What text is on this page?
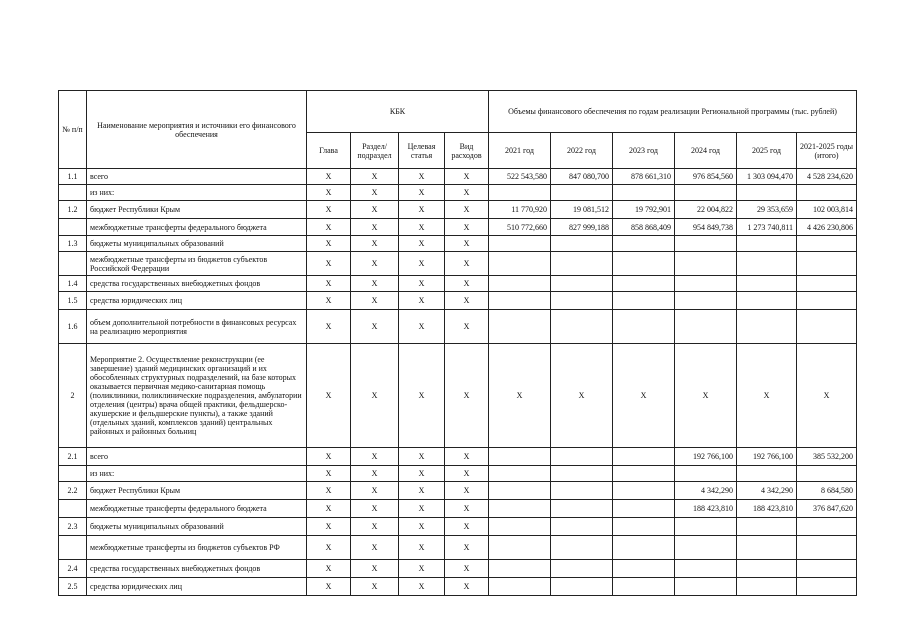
№ п/п	Наименование мероприятия и источники его финансового обеспечения	КБК				Объемы финансового обеспечения по годам реализации Региональной программы (тыс. рублей)					
		Глава	Раздел/ подраздел	Целевая статья	Вид расходов	2021 год	2022 год	2023 год	2024 год	2025 год	2021-2025 годы (итого)
1.1	всего	Х	Х	Х	Х	522 543,580	847 080,700	878 661,310	976 854,560	1 303 094,470	4 528 234,620
	из них:	Х	Х	Х	Х						
1.2	бюджет Республики Крым	Х	Х	Х	Х	11 770,920	19 081,512	19 792,901	22 004,822	29 353,659	102 003,814
	межбюджетные трансферты федерального бюджета	Х	Х	Х	Х	510 772,660	827 999,188	858 868,409	954 849,738	1 273 740,811	4 426 230,806
1.3	бюджеты муниципальных образований	Х	Х	Х	Х						
	межбюджетные трансферты из бюджетов субъектов Российской Федерации	Х	Х	Х	Х						
1.4	средства государственных внебюджетных фондов	Х	Х	Х	Х						
1.5	средства юридических лиц	Х	Х	Х	Х						
1.6	объем дополнительной потребности в финансовых ресурсах на реализацию мероприятия	Х	Х	Х	Х						
2	Мероприятие 2. Осуществление реконструкции (ее завершение) зданий медицинских организаций и их обособленных структурных подразделений, на базе которых оказывается первичная медико-санитарная помощь (поликлиники, поликлинические подразделения, амбулатории отделения (центры) врача общей практики, фельдшерско-акушерские и фельдшерские пункты), а также зданий (отдельных зданий, комплексов зданий) центральных районных и районных больниц	Х	Х	Х	Х	Х	Х	Х	Х	Х	Х
2.1	всего	Х	Х	Х	Х				192 766,100	192 766,100	385 532,200
	из них:	Х	Х	Х	Х						
2.2	бюджет Республики Крым	Х	Х	Х	Х				4 342,290	4 342,290	8 684,580
	межбюджетные трансферты федерального бюджета	Х	Х	Х	Х				188 423,810	188 423,810	376 847,620
2.3	бюджеты муниципальных образований	Х	Х	Х	Х						
	межбюджетные трансферты из бюджетов субъектов РФ	Х	Х	Х	Х						
2.4	средства государственных внебюджетных фондов	Х	Х	Х	Х						
2.5	средства юридических лиц	Х	Х	Х	Х						
